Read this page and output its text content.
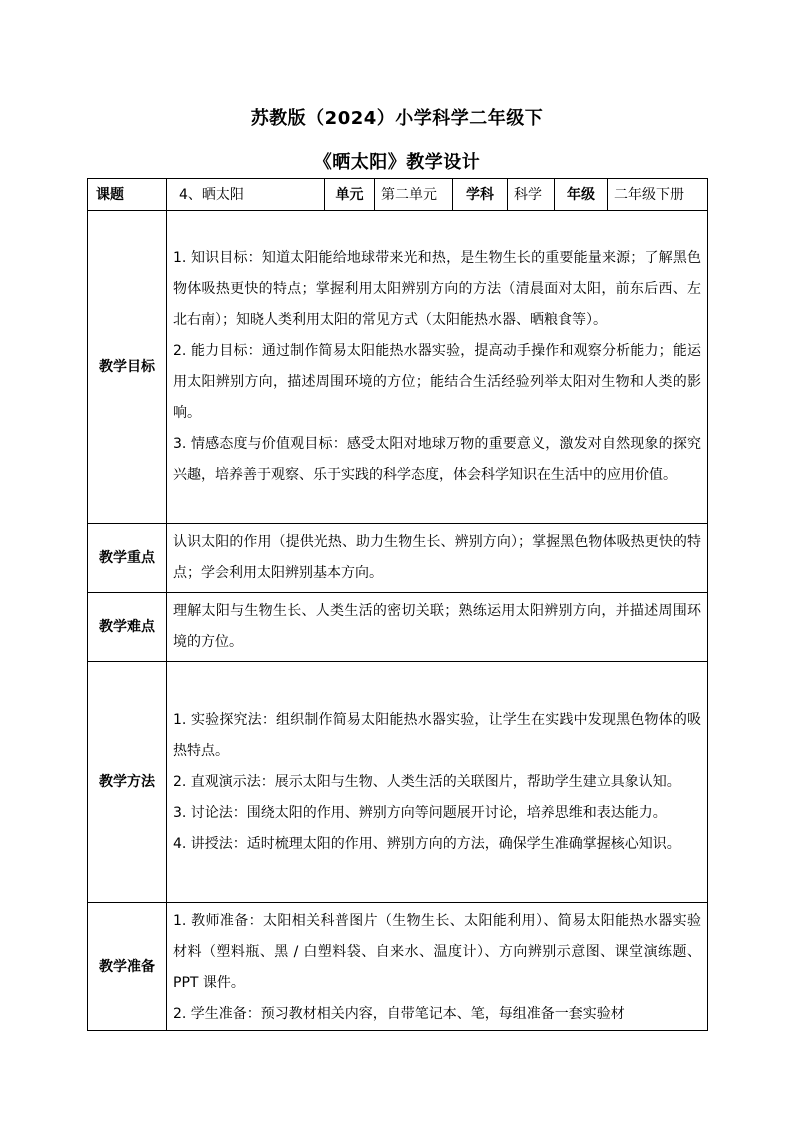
苏教版（2024）小学科学二年级下
《晒太阳》教学设计
课题	4、晒太阳	单元	第二单元	学科	科学	年级	二年级下册
教学目标	1. 知识目标：知道太阳能给地球带来光和热，是生物生长的重要能量来源；了解黑色物体吸热更快的特点；掌握利用太阳辨别方向的方法（清晨面对太阳，前东后西、左北右南）；知晓人类利用太阳的常见方式（太阳能热水器、晒粮食等）。

2. 能力目标：通过制作简易太阳能热水器实验，提高动手操作和观察分析能力；能运用太阳辨别方向，描述周围环境的方位；能结合生活经验列举太阳对生物和人类的影响。

3. 情感态度与价值观目标：感受太阳对地球万物的重要意义，激发对自然现象的探究兴趣，培养善于观察、乐于实践的科学态度，体会科学知识在生活中的应用价值。						

教学重点	认识太阳的作用（提供光热、助力生物生长、辨别方向）；掌握黑色物体吸热更快的特点；学会利用太阳辨别基本方向。						

教学难点	理解太阳与生物生长、人类生活的密切关联；熟练运用太阳辨别方向，并描述周围环境的方位。						

教学方法	1. 实验探究法：组织制作简易太阳能热水器实验，让学生在实践中发现黑色物体的吸热特点。

2. 直观演示法：展示太阳与生物、人类生活的关联图片，帮助学生建立具象认知。

3. 讨论法：围绕太阳的作用、辨别方向等问题展开讨论，培养思维和表达能力。

4. 讲授法：适时梳理太阳的作用、辨别方向的方法，确保学生准确掌握核心知识。						

教学准备	1. 教师准备：太阳相关科普图片（生物生长、太阳能利用）、简易太阳能热水器实验材料（塑料瓶、黑 / 白塑料袋、自来水、温度计）、方向辨别示意图、课堂演练题、PPT 课件。

2. 学生准备：预习教材相关内容，自带笔记本、笔，每组准备一套实验材						
